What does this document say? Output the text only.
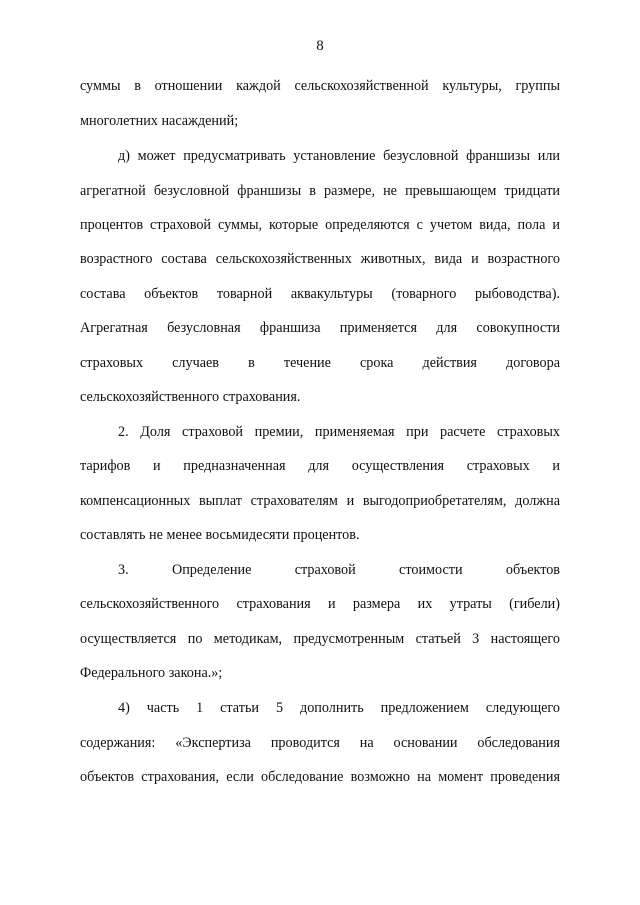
8
суммы в отношении каждой сельскохозяйственной культуры, группы
многолетних насаждений;
д) может предусматривать установление безусловной франшизы или
агрегатной безусловной франшизы в размере, не превышающем тридцати
процентов страховой суммы, которые определяются с учетом вида, пола и
возрастного состава сельскохозяйственных животных, вида и возрастного
состава объектов товарной аквакультуры (товарного рыбоводства).
Агрегатная безусловная франшиза применяется для совокупности
страховых случаев в течение срока действия договора
сельскохозяйственного страхования.
2. Доля страховой премии, применяемая при расчете страховых
тарифов и предназначенная для осуществления страховых и
компенсационных выплат страхователям и выгодоприобретателям, должна
составлять не менее восьмидесяти процентов.
3. Определение страховой стоимости объектов
сельскохозяйственного страхования и размера их утраты (гибели)
осуществляется по методикам, предусмотренным статьей 3 настоящего
Федерального закона.»;
4) часть 1 статьи 5 дополнить предложением следующего
содержания: «Экспертиза проводится на основании обследования
объектов страхования, если обследование возможно на момент проведения
